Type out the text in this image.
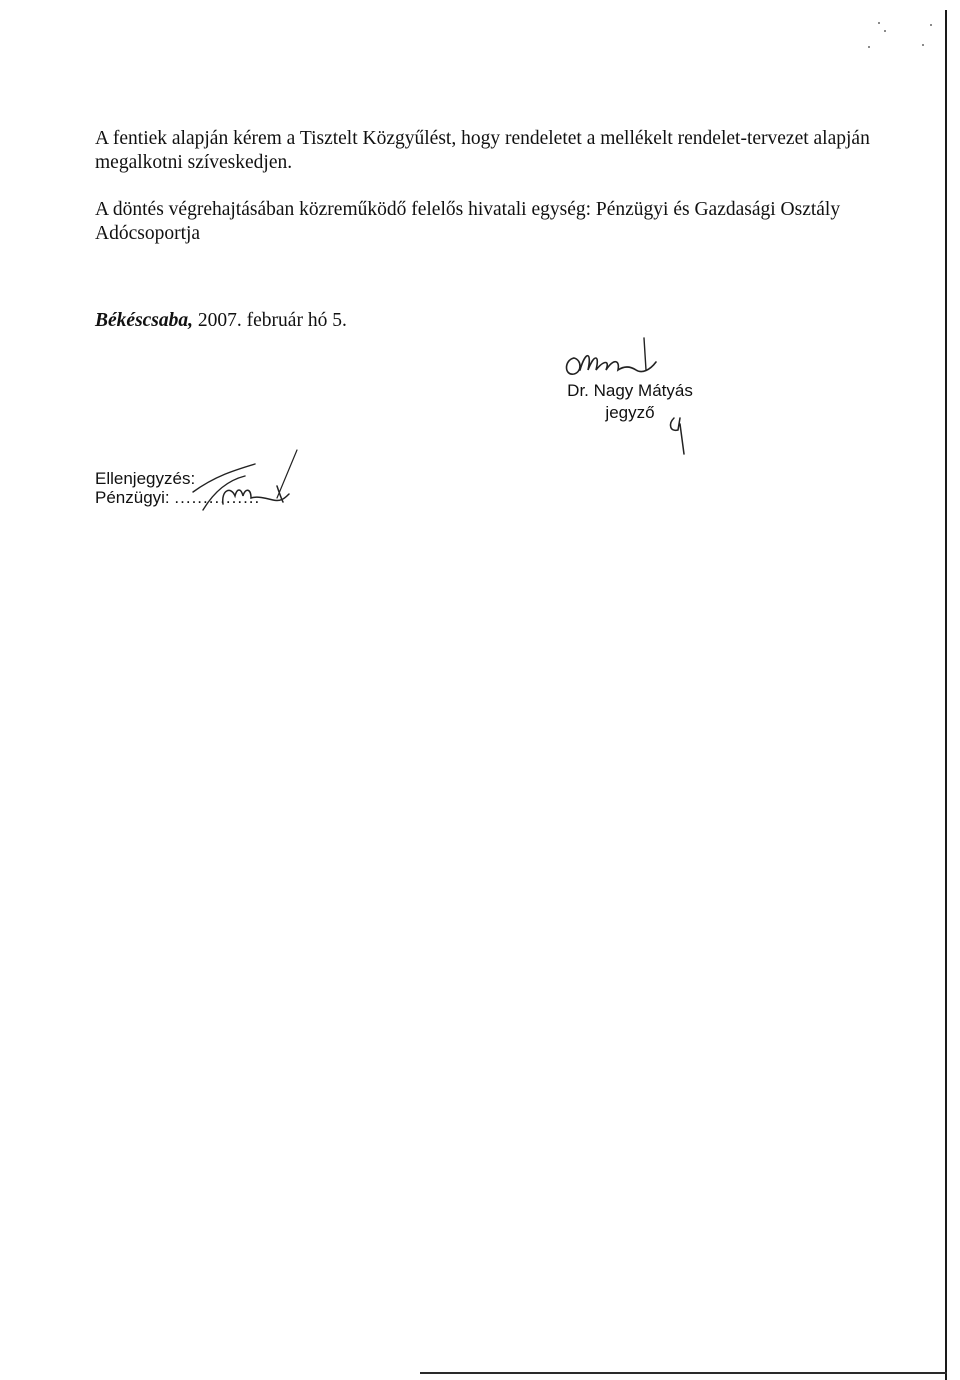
A fentiek alapján kérem a Tisztelt Közgyűlést, hogy rendeletet a mellékelt rendelet-tervezet alapján megalkotni szíveskedjen.

A döntés végrehajtásában közreműködő felelős hivatali egység: Pénzügyi és Gazdasági Osztály Adócsoportja

Békéscsaba, 2007. február hó 5.
Dr. Nagy Mátyás
jegyző
Ellenjegyzés:
Pénzügyi: ...............
